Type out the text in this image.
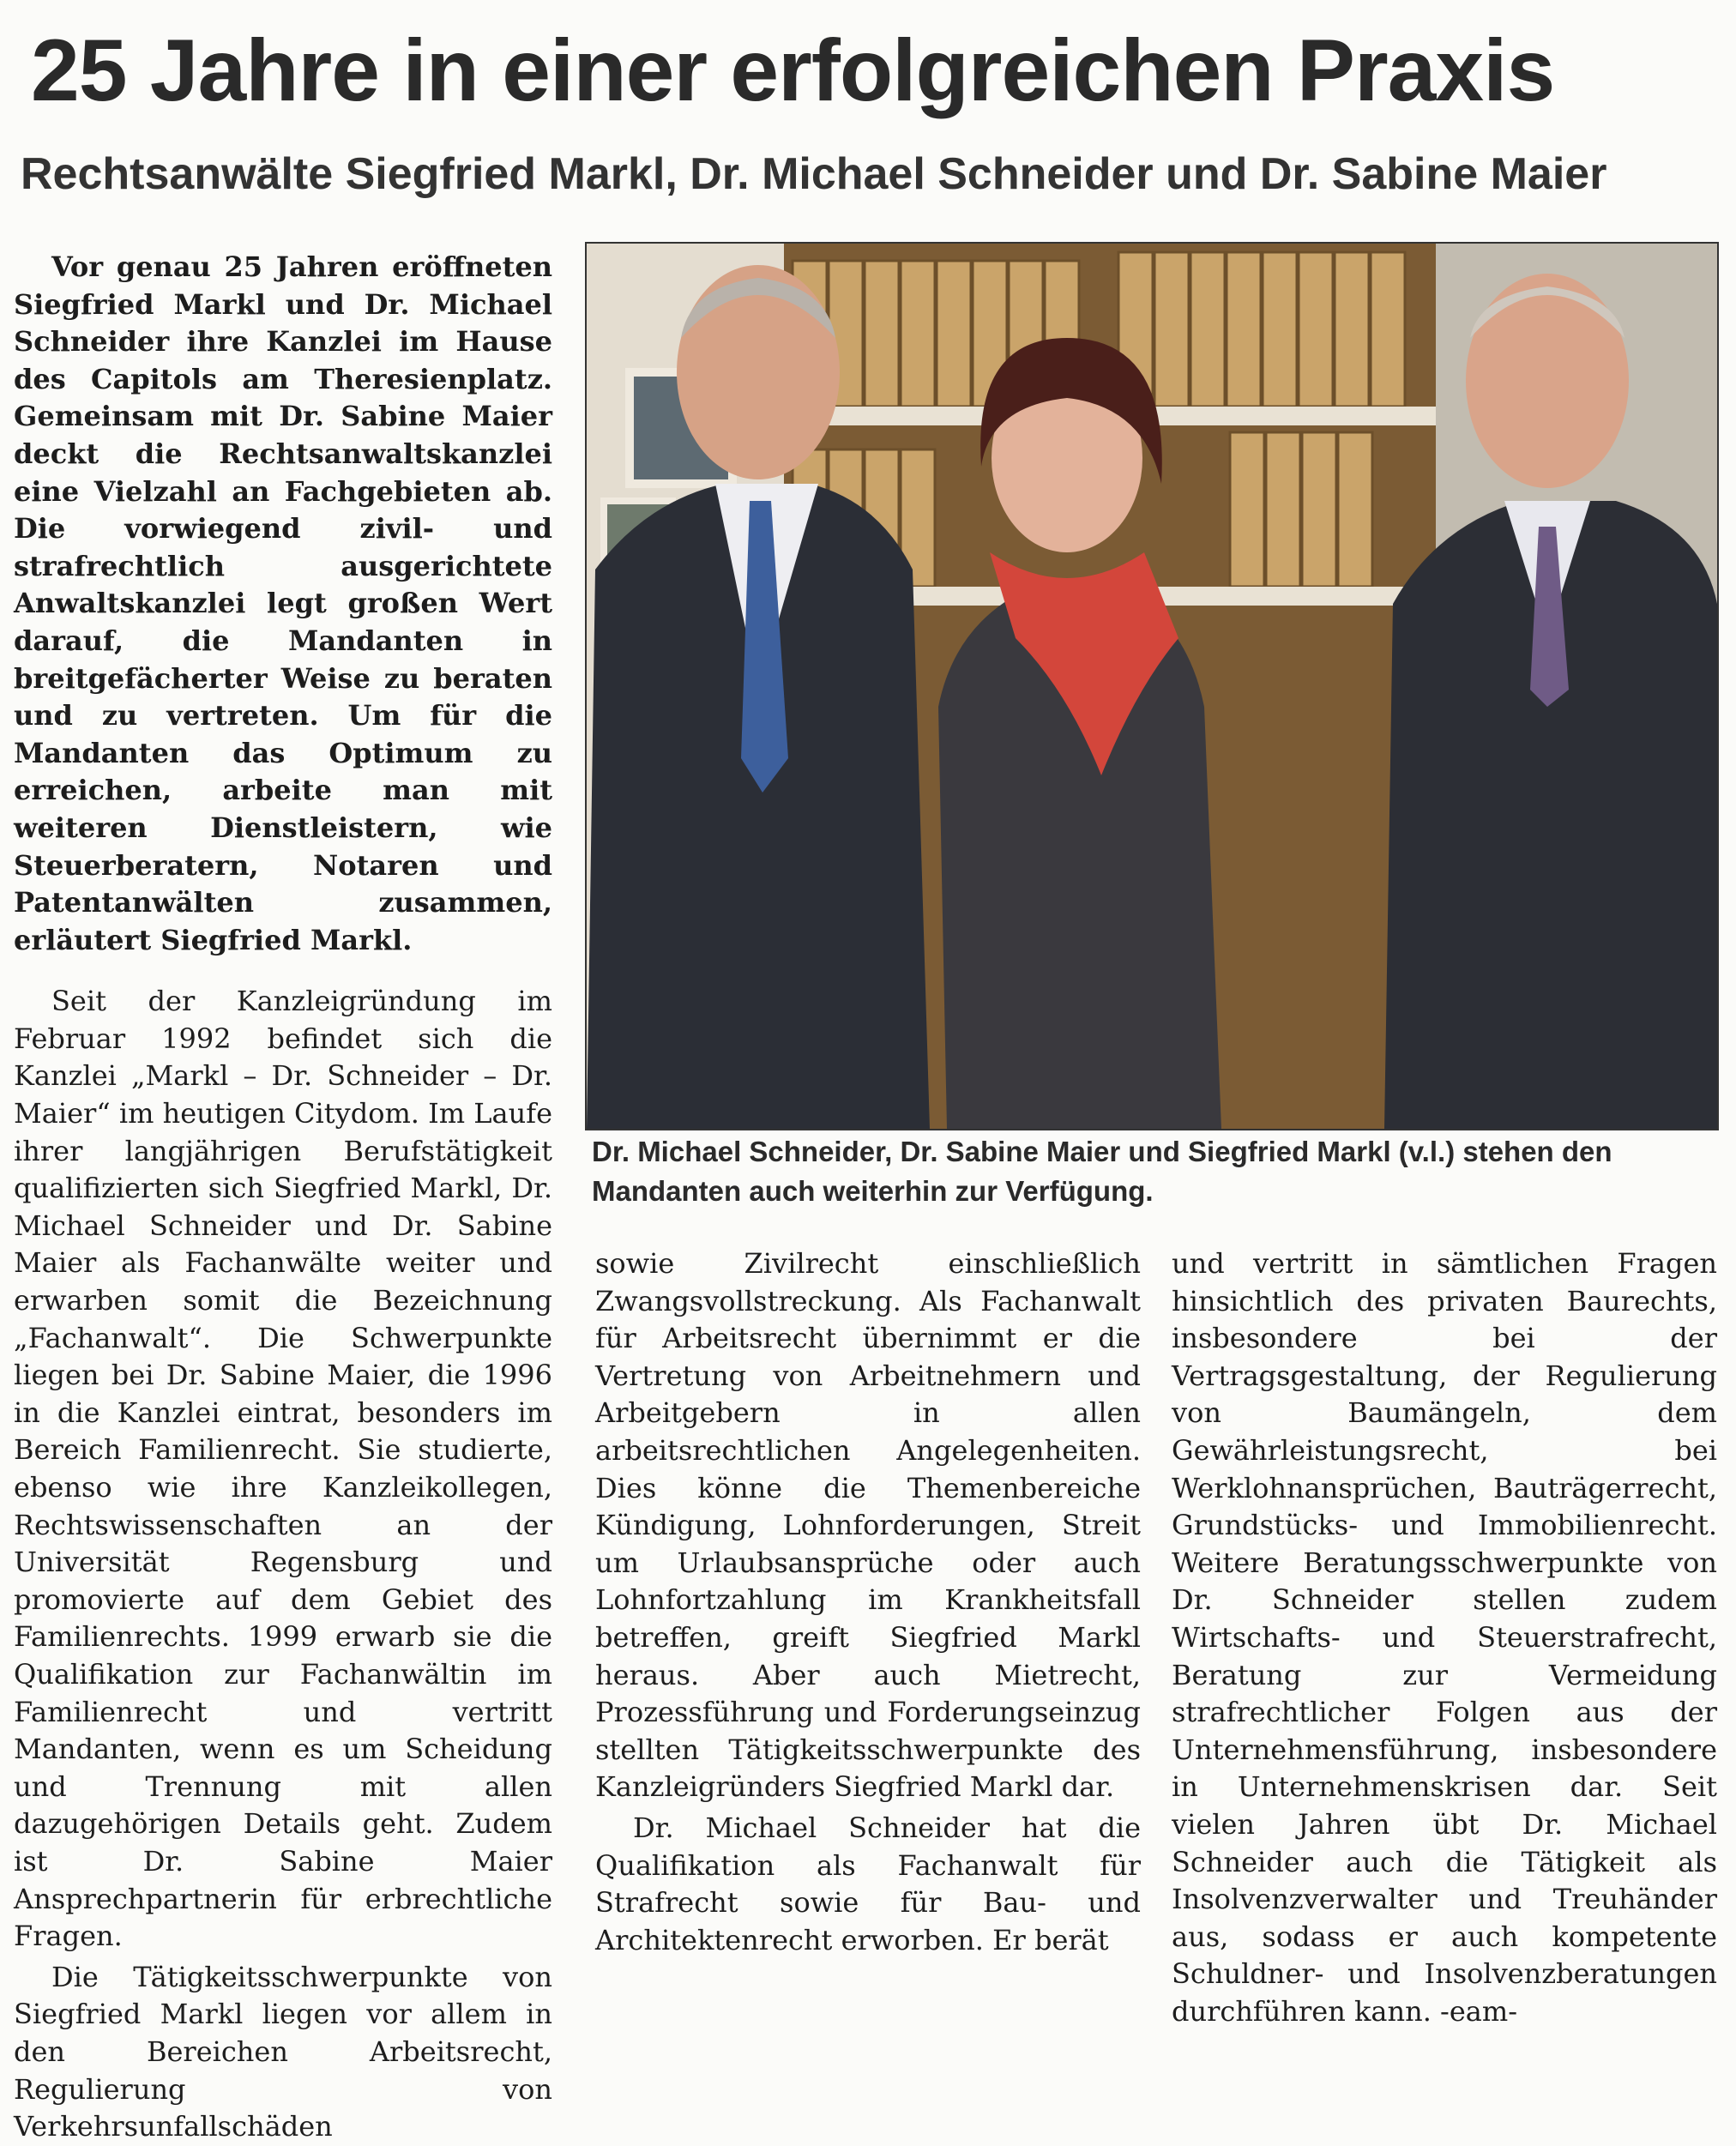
25 Jahre in einer erfolgreichen Praxis
Rechtsanwälte Siegfried Markl, Dr. Michael Schneider und Dr. Sabine Maier

Vor genau 25 Jahren eröffneten Siegfried Markl und Dr. Michael Schneider ihre Kanzlei im Hause des Capitols am Theresienplatz. Gemeinsam mit Dr. Sabine Maier deckt die Rechtsanwaltskanzlei eine Vielzahl an Fachgebieten ab. Die vorwiegend zivil- und strafrechtlich ausgerichtete Anwaltskanzlei legt großen Wert darauf, die Mandanten in breitgefächerter Weise zu beraten und zu vertreten. Um für die Mandanten das Optimum zu erreichen, arbeite man mit weiteren Dienstleistern, wie Steuerberatern, Notaren und Patentanwälten zusammen, erläutert Siegfried Markl.

Seit der Kanzleigründung im Februar 1992 befindet sich die Kanzlei „Markl – Dr. Schneider – Dr. Maier“ im heutigen Citydom. Im Laufe ihrer langjährigen Berufstätigkeit qualifizierten sich Siegfried Markl, Dr. Michael Schneider und Dr. Sabine Maier als Fachanwälte weiter und erwarben somit die Bezeichnung „Fachanwalt“. Die Schwerpunkte liegen bei Dr. Sabine Maier, die 1996 in die Kanzlei eintrat, besonders im Bereich Familienrecht. Sie studierte, ebenso wie ihre Kanzleikollegen, Rechtswissenschaften an der Universität Regensburg und promovierte auf dem Gebiet des Familienrechts. 1999 erwarb sie die Qualifikation zur Fachanwältin im Familienrecht und vertritt Mandanten, wenn es um Scheidung und Trennung mit allen dazugehörigen Details geht. Zudem ist Dr. Sabine Maier Ansprechpartnerin für erbrechtliche Fragen.

Die Tätigkeitsschwerpunkte von Siegfried Markl liegen vor allem in den Bereichen Arbeitsrecht, Regulierung von Verkehrsunfallschäden

Dr. Michael Schneider, Dr. Sabine Maier und Siegfried Markl (v.l.) stehen den Mandanten auch weiterhin zur Verfügung.

sowie Zivilrecht einschließlich Zwangsvollstreckung. Als Fachanwalt für Arbeitsrecht übernimmt er die Vertretung von Arbeitnehmern und Arbeitgebern in allen arbeitsrechtlichen Angelegenheiten. Dies könne die Themenbereiche Kündigung, Lohnforderungen, Streit um Urlaubsansprüche oder auch Lohnfortzahlung im Krankheitsfall betreffen, greift Siegfried Markl heraus. Aber auch Mietrecht, Prozessführung und Forderungseinzug stellten Tätigkeitsschwerpunkte des Kanzleigründers Siegfried Markl dar.

Dr. Michael Schneider hat die Qualifikation als Fachanwalt für Strafrecht sowie für Bau- und Architektenrecht erworben. Er berät

und vertritt in sämtlichen Fragen hinsichtlich des privaten Baurechts, insbesondere bei der Vertragsgestaltung, der Regulierung von Baumängeln, dem Gewährleistungsrecht, bei Werklohnansprüchen, Bauträgerrecht, Grundstücks- und Immobilienrecht. Weitere Beratungsschwerpunkte von Dr. Schneider stellen zudem Wirtschafts- und Steuerstrafrecht, Beratung zur Vermeidung strafrechtlicher Folgen aus der Unternehmensführung, insbesondere in Unternehmenskrisen dar. Seit vielen Jahren übt Dr. Michael Schneider auch die Tätigkeit als Insolvenzverwalter und Treuhänder aus, sodass er auch kompetente Schuldner- und Insolvenzberatungen durchführen kann. -eam-
